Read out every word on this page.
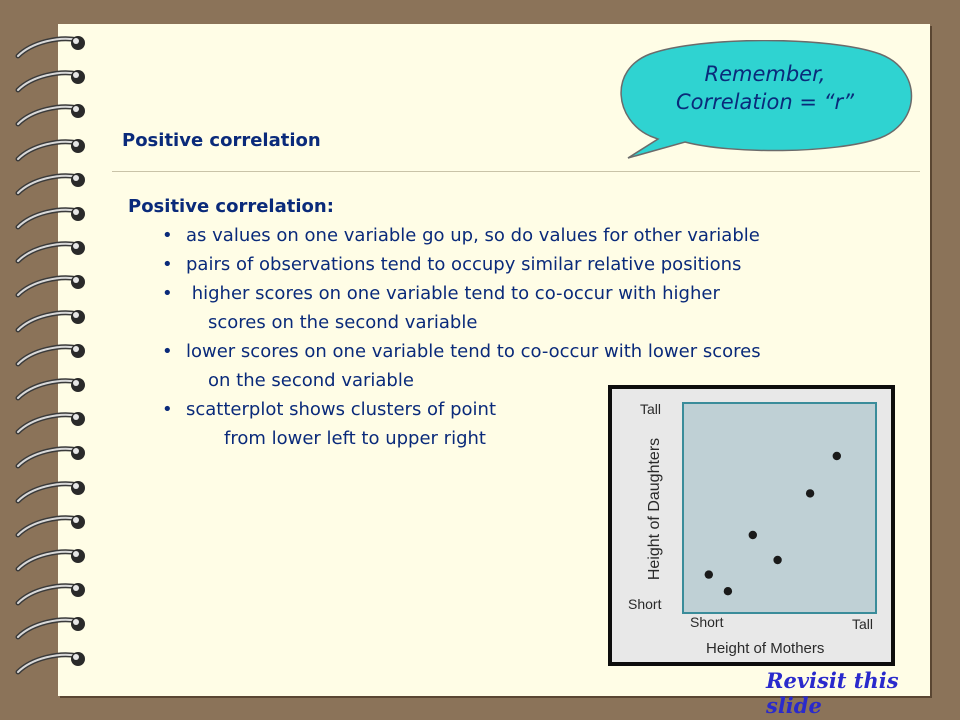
Remember,
Correlation = “r”
Positive correlation
Positive correlation:
• as values on one variable go up, so do values for other variable
• pairs of observations tend to occupy similar relative positions
• higher scores on one variable tend to co-occur with higher
scores on the second variable
• lower scores on one variable tend to co-occur with lower scores
on the second variable
• scatterplot shows clusters of point
from lower left to upper right
Tall
Short
Height of Daughters
Short	Tall
Height of Mothers
Revisit this slide
